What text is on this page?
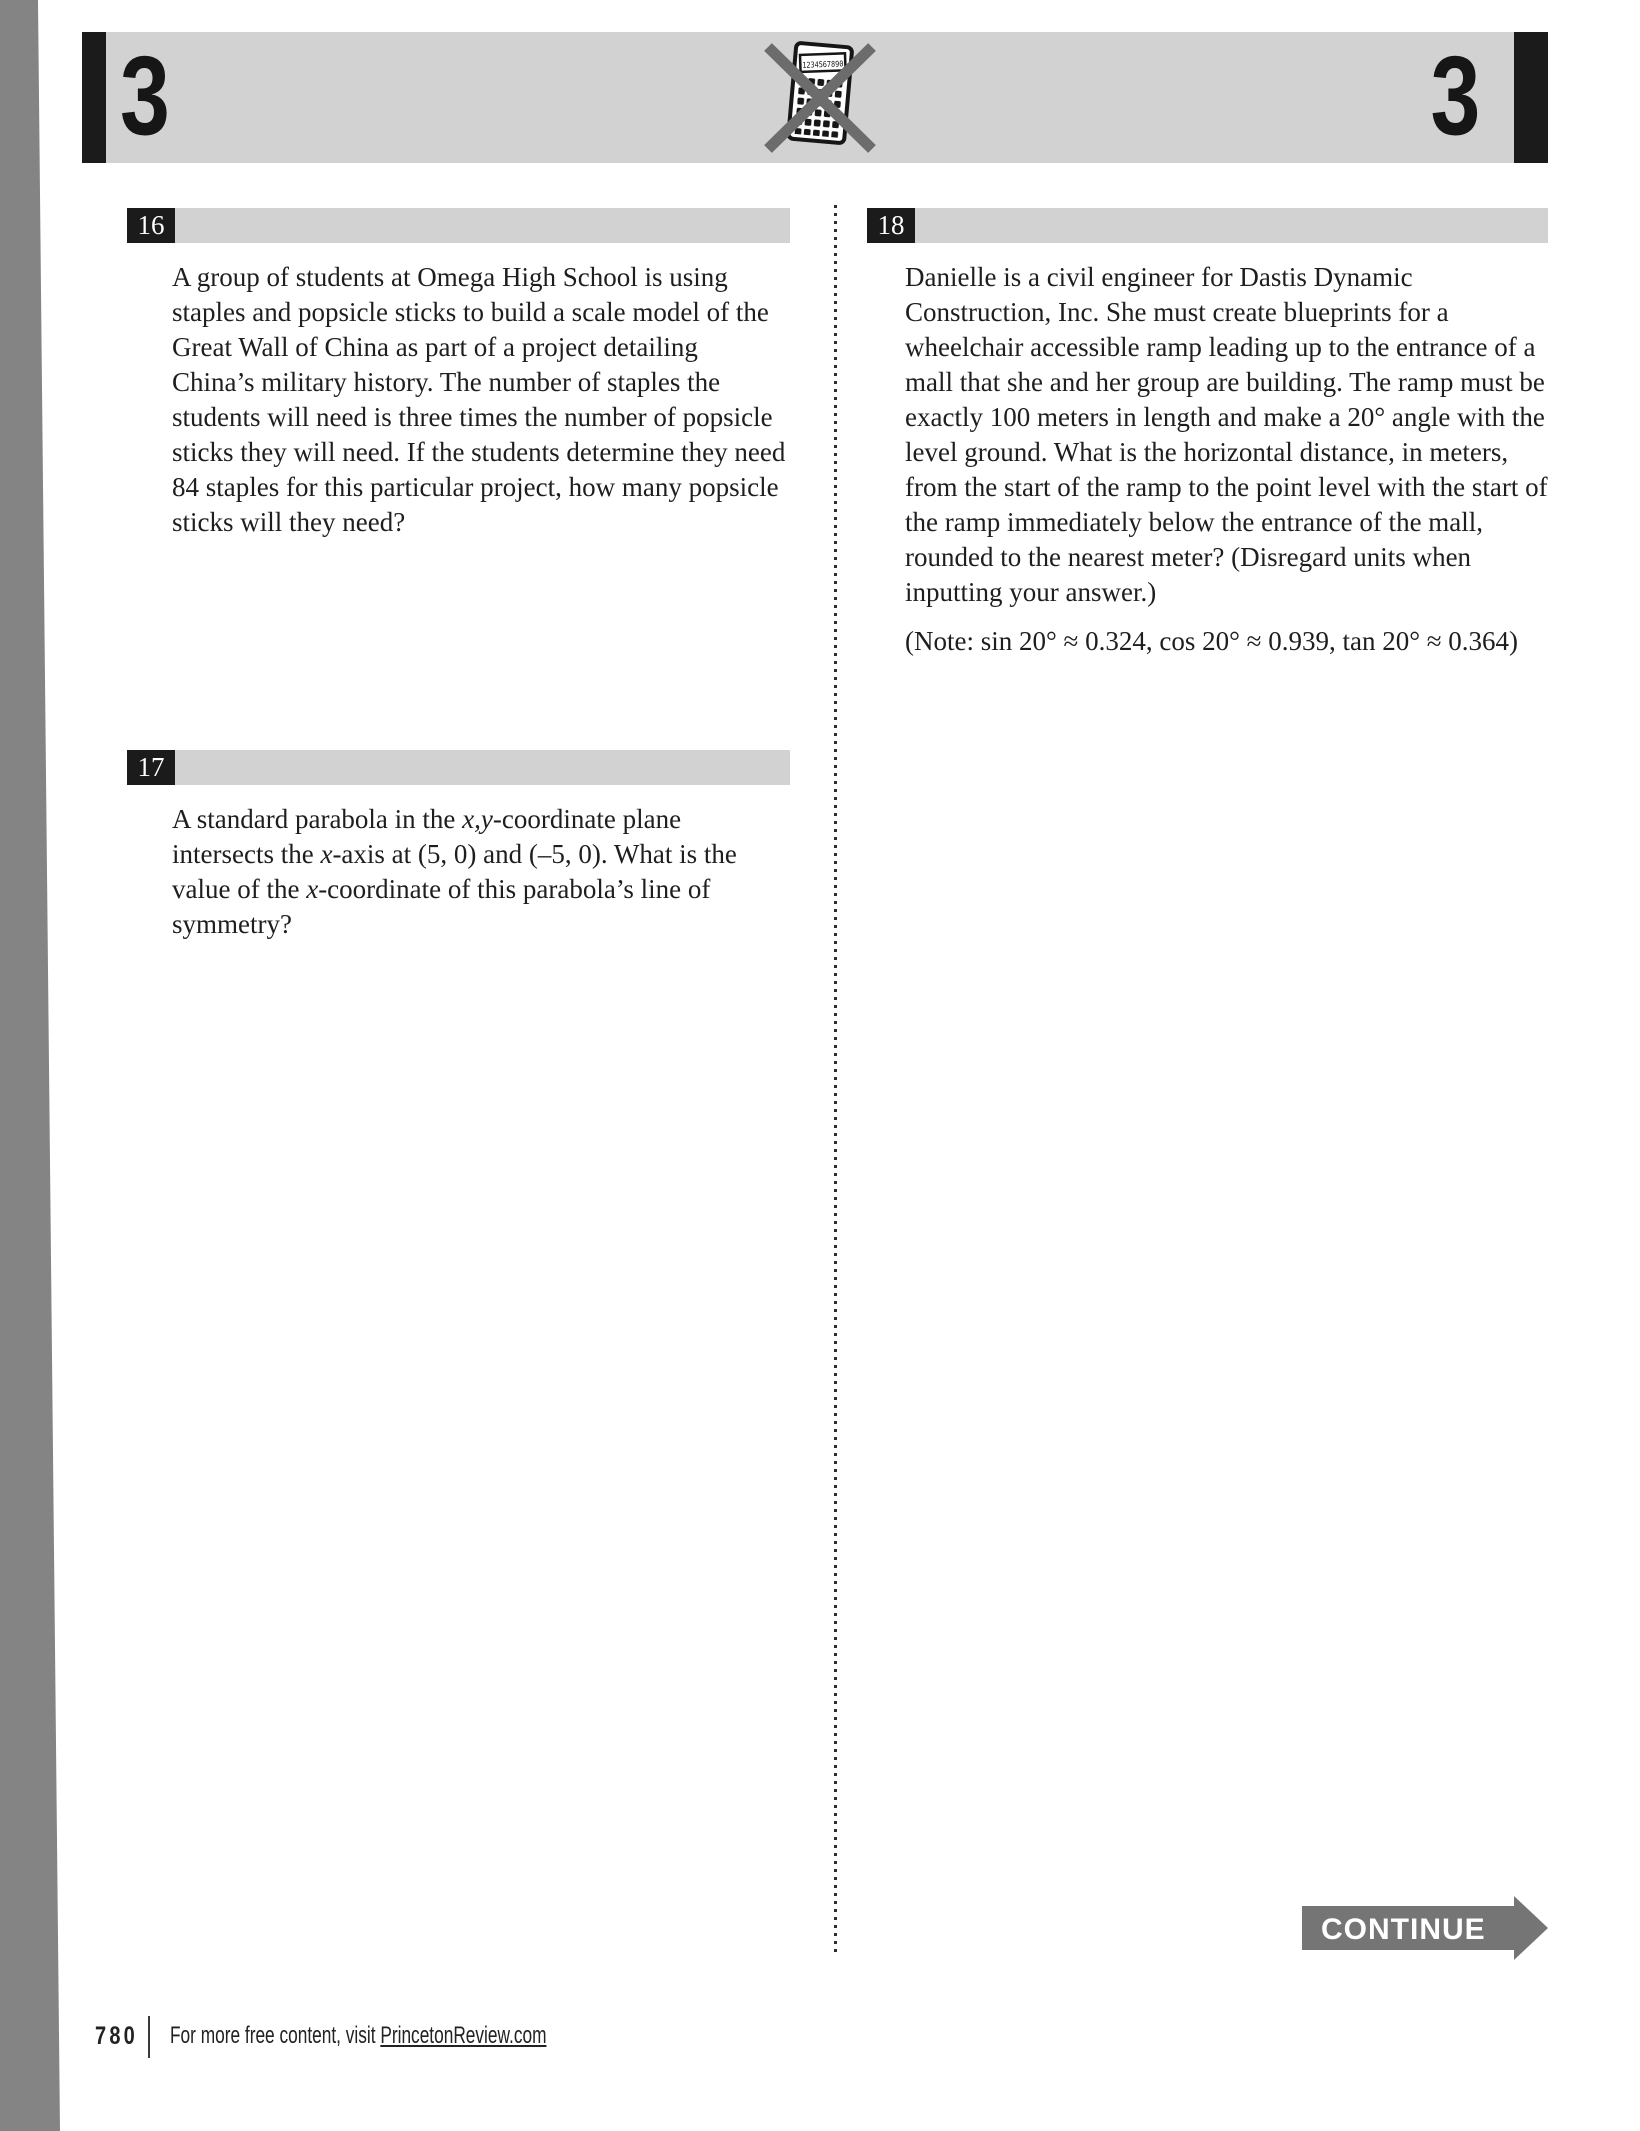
3	1234567890	3
16

A group of students at Omega High School is using staples and popsicle sticks to build a scale model of the Great Wall of China as part of a project detailing China’s military history. The number of staples the students will need is three times the number of popsicle sticks they will need. If the students determine they need 84 staples for this particular project, how many popsicle sticks will they need?

17

A standard parabola in the x,y-coordinate plane intersects the x-axis at (5, 0) and (–5, 0). What is the value of the x-coordinate of this parabola’s line of symmetry?

18

Danielle is a civil engineer for Dastis Dynamic Construction, Inc. She must create blueprints for a wheelchair accessible ramp leading up to the entrance of a mall that she and her group are building. The ramp must be exactly 100 meters in length and make a 20° angle with the level ground. What is the horizontal distance, in meters, from the start of the ramp to the point level with the start of the ramp immediately below the entrance of the mall, rounded to the nearest meter? (Disregard units when inputting your answer.)

(Note: sin 20° ≈ 0.324, cos 20° ≈ 0.939, tan 20° ≈ 0.364)

CONTINUE
780 For more free content, visit PrincetonReview.com
